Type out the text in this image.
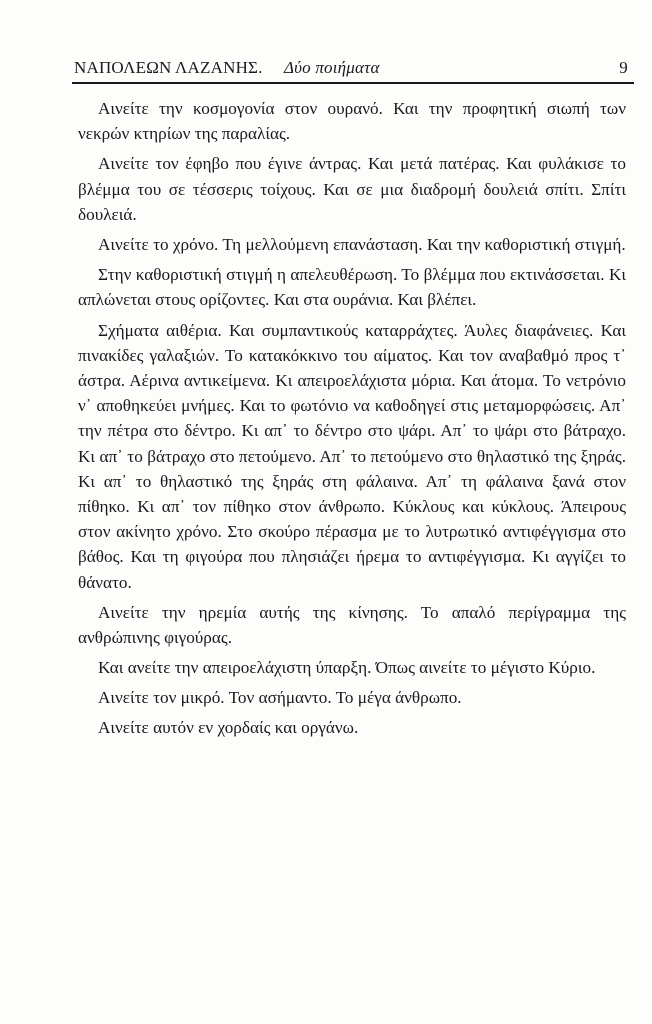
ΝΑΠΟΛΕΩΝ ΛΑΖΑΝΗΣ. Δύο ποιήματα	9

Αινείτε την κοσμογονία στον ουρανό. Και την προφητική σιωπή των νεκρών κτηρίων της παραλίας.

Αινείτε τον έφηβο που έγινε άντρας. Και μετά πατέρας. Και φυλάκισε το βλέμμα του σε τέσσερις τοίχους. Και σε μια διαδρομή δουλειά σπίτι. Σπίτι δουλειά.

Αινείτε το χρόνο. Τη μελλούμενη επανάσταση. Και την καθοριστική στιγμή.

Στην καθοριστική στιγμή η απελευθέρωση. Το βλέμμα που εκτινάσσεται. Κι απλώνεται στους ορίζοντες. Και στα ουράνια. Και βλέπει.

Σχήματα αιθέρια. Και συμπαντικούς καταρράχτες. Άυλες διαφάνειες. Και πινακίδες γαλαξιών. Το κατακόκκινο του αίματος. Και τον αναβαθμό προς τ᾽ άστρα. Αέρινα αντικείμενα. Κι απειροελάχιστα μόρια. Και άτομα. Το νετρόνιο ν᾽ αποθηκεύει μνήμες. Και το φωτόνιο να καθοδηγεί στις μεταμορφώσεις. Απ᾽ την πέτρα στο δέντρο. Κι απ᾽ το δέντρο στο ψάρι. Απ᾽ το ψάρι στο βάτραχο. Κι απ᾽ το βάτραχο στο πετούμενο. Απ᾽ το πετούμενο στο θηλαστικό της ξηράς. Κι απ᾽ το θηλαστικό της ξηράς στη φάλαινα. Απ᾽ τη φάλαινα ξανά στον πίθηκο. Κι απ᾽ τον πίθηκο στον άνθρωπο. Κύκλους και κύκλους. Άπειρους στον ακίνητο χρόνο. Στο σκούρο πέρασμα με το λυτρωτικό αντιφέγγισμα στο βάθος. Και τη φιγούρα που πλησιάζει ήρεμα το αντιφέγγισμα. Κι αγγίζει το θάνατο.

Αινείτε την ηρεμία αυτής της κίνησης. Το απαλό περίγραμμα της ανθρώπινης φιγούρας.

Και ανείτε την απειροελάχιστη ύπαρξη. Όπως αινείτε το μέγιστο Κύριο.

Αινείτε τον μικρό. Τον ασήμαντο. Το μέγα άνθρωπο.

Αινείτε αυτόν εν χορδαίς και οργάνω.
